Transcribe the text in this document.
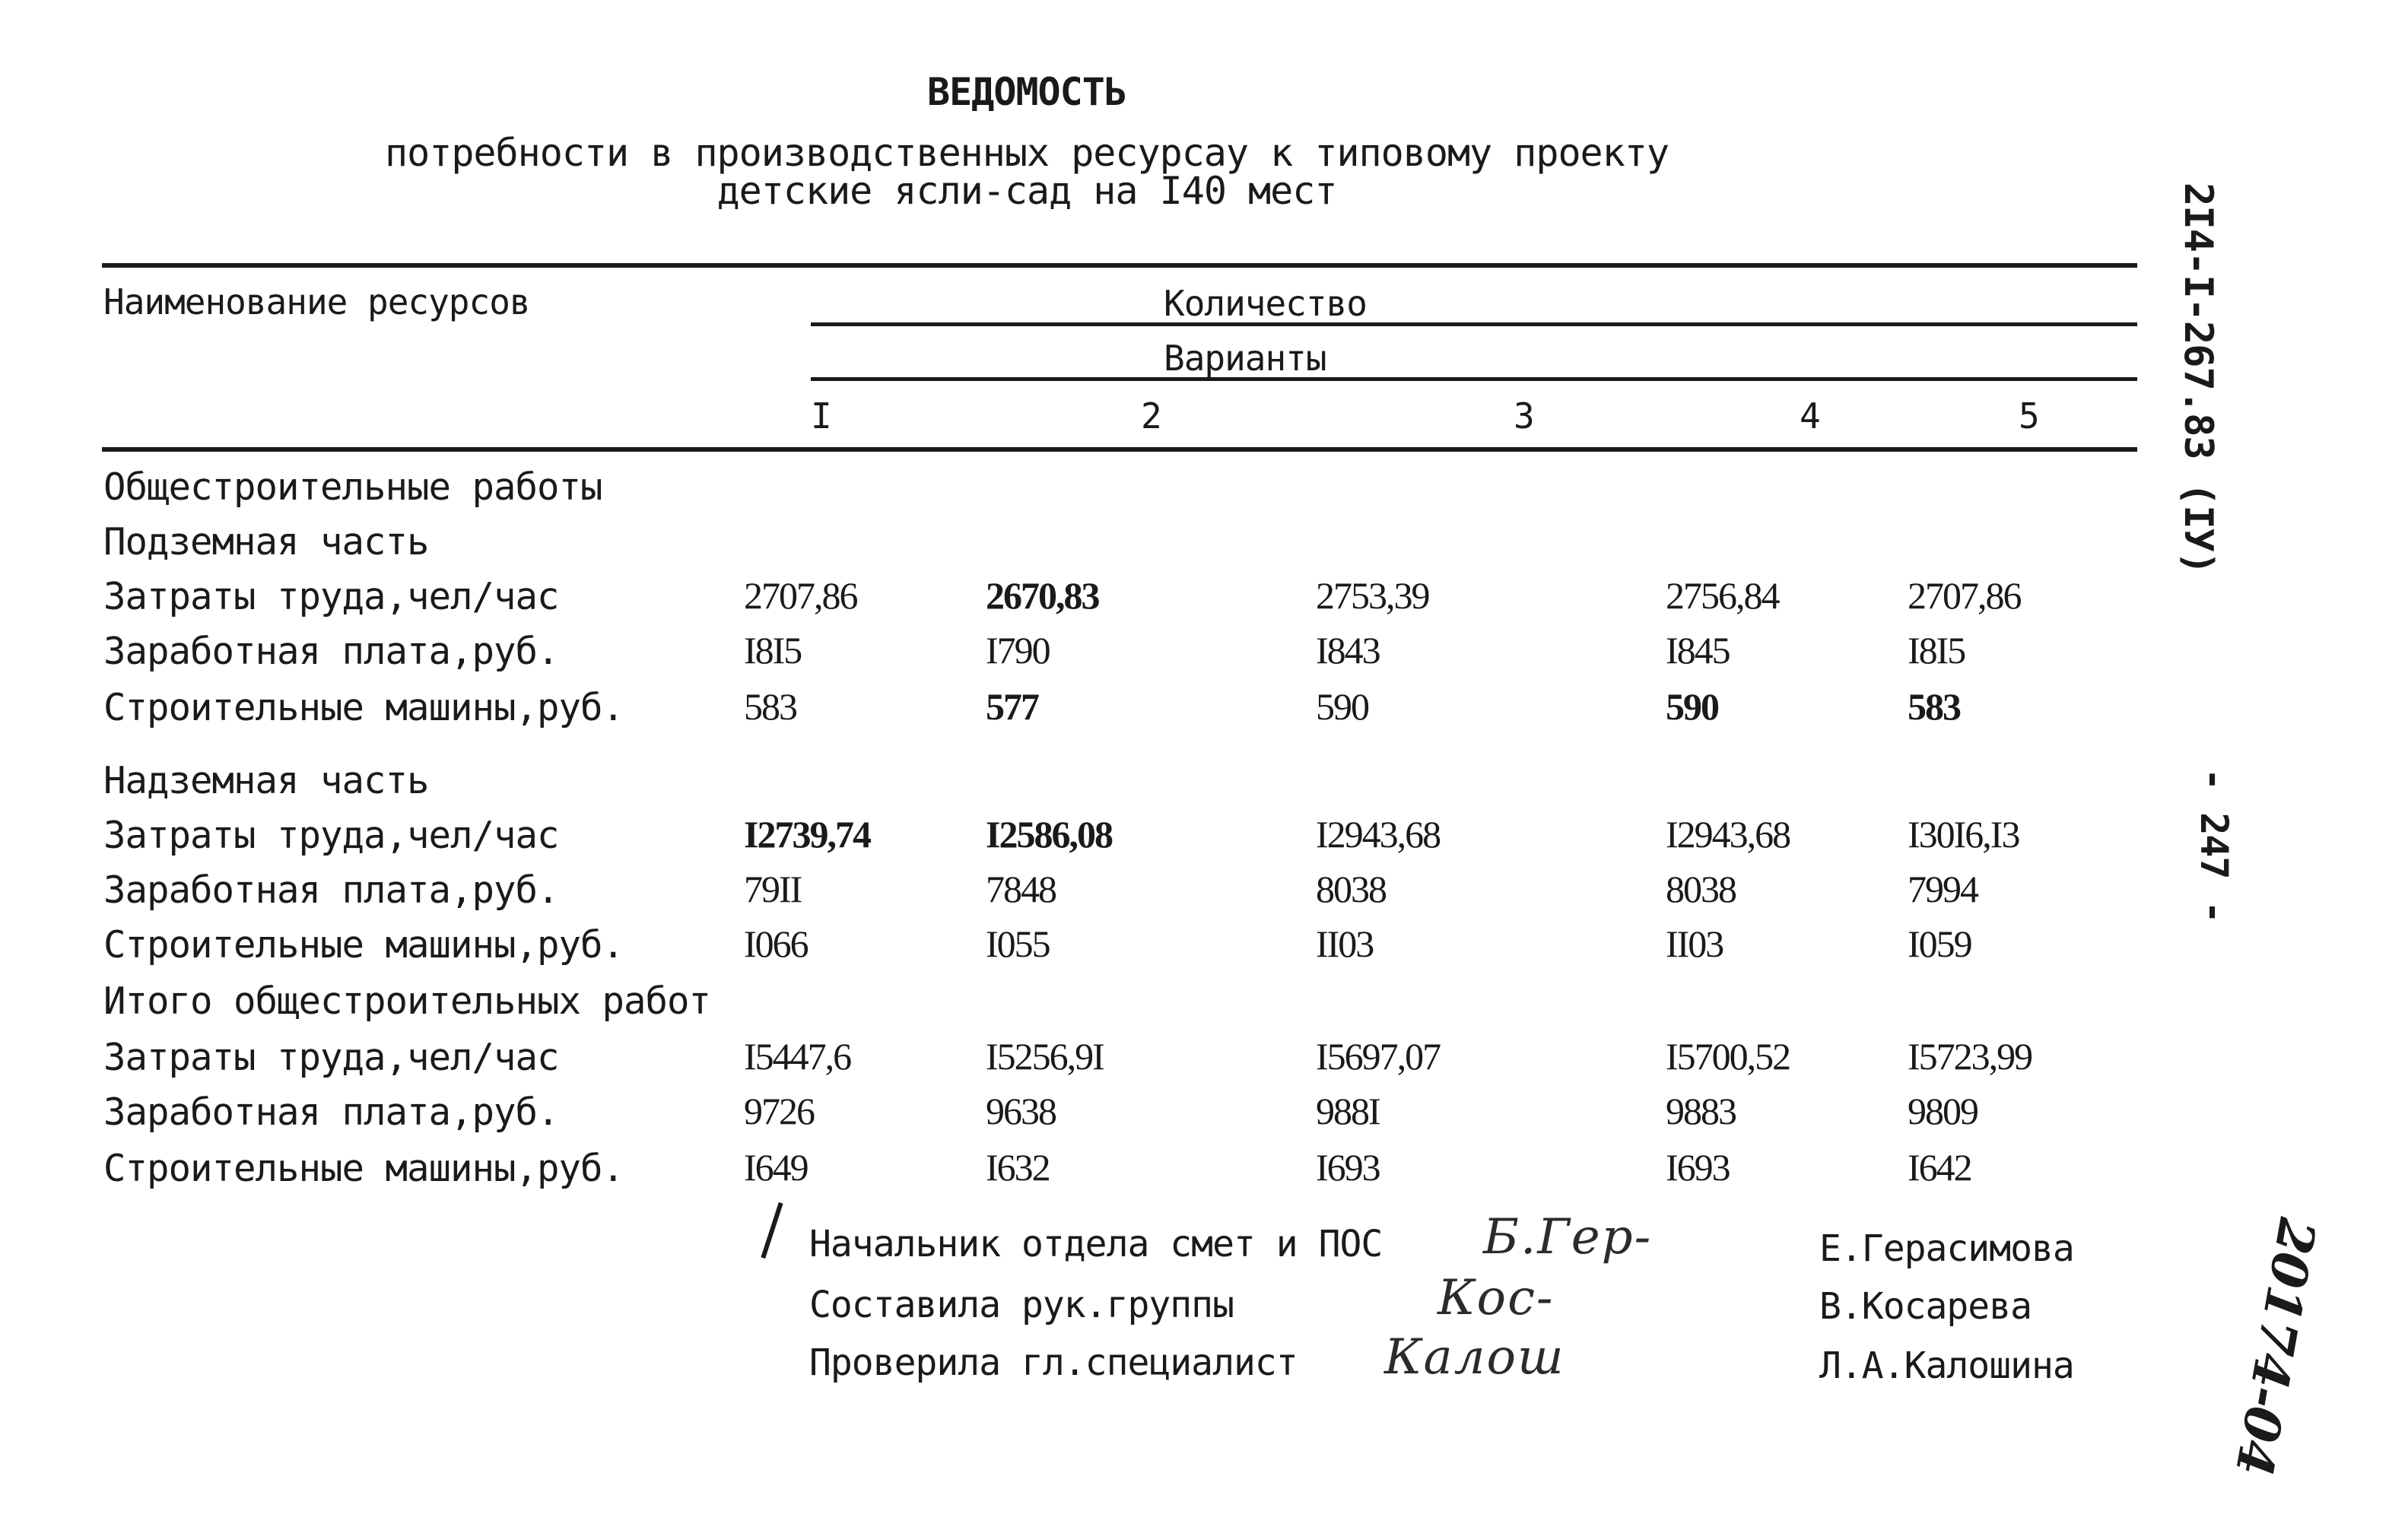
ВЕДОМОСТЬ
потребности в производственных ресурсау к типовому проекту
детские ясли-сад на I40 мест
Наименование ресурсов	Количество
Варианты
I	2	3	4	5
Общестроительные работы
Подземная часть
Затраты труда,чел/час	2707,86	2670,83	2753,39	2756,84	2707,86
Заработная плата,руб.	I8I5	I790	I843	I845	I8I5
Строительные машины,руб.	583	577	590	590	583
Надземная часть
Затраты труда,чел/час	I2739,74	I2586,08	I2943,68	I2943,68	I30I6,I3
Заработная плата,руб.	79II	7848	8038	8038	7994
Строительные машины,руб.	I066	I055	II03	II03	I059
Итого общестроительных работ
Затраты труда,чел/час	I5447,6	I5256,9I	I5697,07	I5700,52	I5723,99
Заработная плата,руб.	9726	9638	988I	9883	9809
Строительные машины,руб.	I649	I632	I693	I693	I642
Начальник отдела смет и ПОС Б.Гер-	Е.Герасимова
Составила рук.группы	Кос-	В.Косарева
Проверила гл.специалист Калош	Л.А.Калошина
2I4-I-267.83 (IУ)
- 247 -
20174-04
